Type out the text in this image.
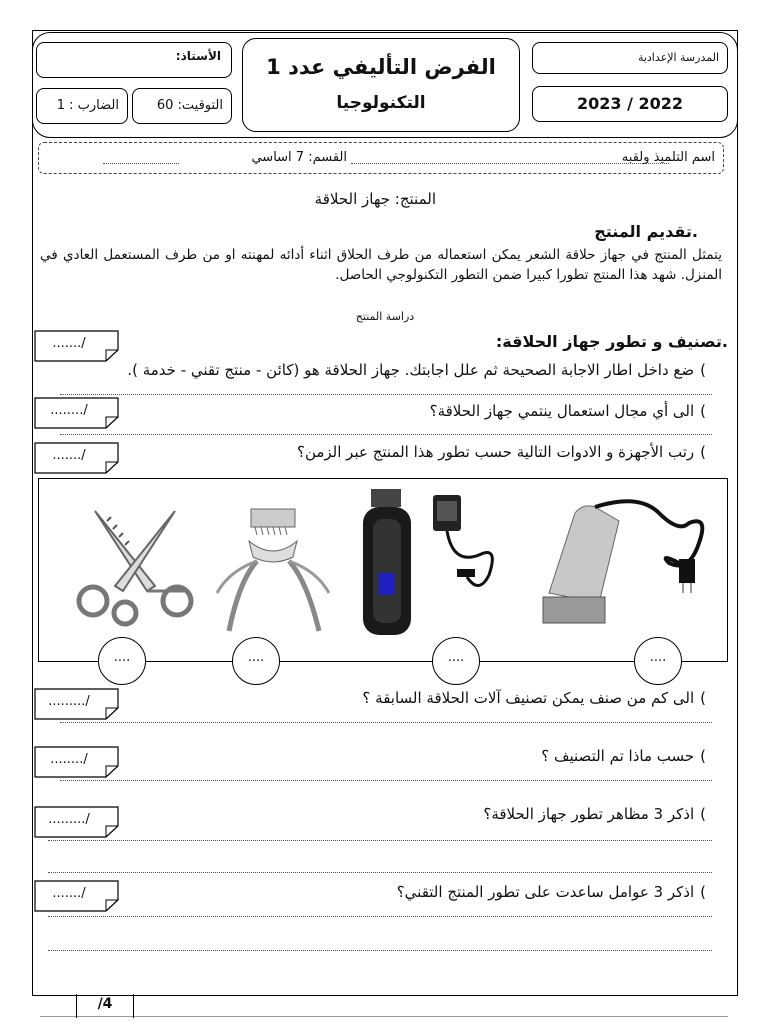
المدرسة الإعدادية
2023 / 2022
الفرض التأليفي عدد 1
التكنولوجيا
الأستاذ:
التوقيت: 60
الضارب : 1
اسم التلميذ ولقبه
القسم: 7 اساسي
المنتج: جهاز الحلاقة
.تقديم المنتج
يتمثل المنتج في جهاز حلاقة الشعر يمكن استعماله من طرف الحلاق اثناء أدائه لمهنته او من طرف المستعمل العادي في المنزل. شهد هذا المنتج تطورا كبيرا ضمن التطور التكنولوجي الحاصل.
دراسة المنتج
.تصنيف و تطور جهاز الحلاقة:
......./
)ضع داخل اطار الاجابة الصحيحة ثم علل اجابتك. جهاز الحلاقة هو (كائن - منتج تقني - خدمة ).
......../	)الى أي مجال استعمال ينتمي جهاز الحلاقة؟
......./	)رتب الأجهزة و الادوات التالية حسب تطور هذا المنتج عبر الزمن؟
....	....	....	....
........./	)الى كم من صنف يمكن تصنيف آلات الحلاقة السابقة ؟
......../	)حسب ماذا تم التصنيف ؟
........./	)اذكر 3 مظاهر تطور جهاز الحلاقة؟
......./	)اذكر 3 عوامل ساعدت على تطور المنتج التقني؟
/4
